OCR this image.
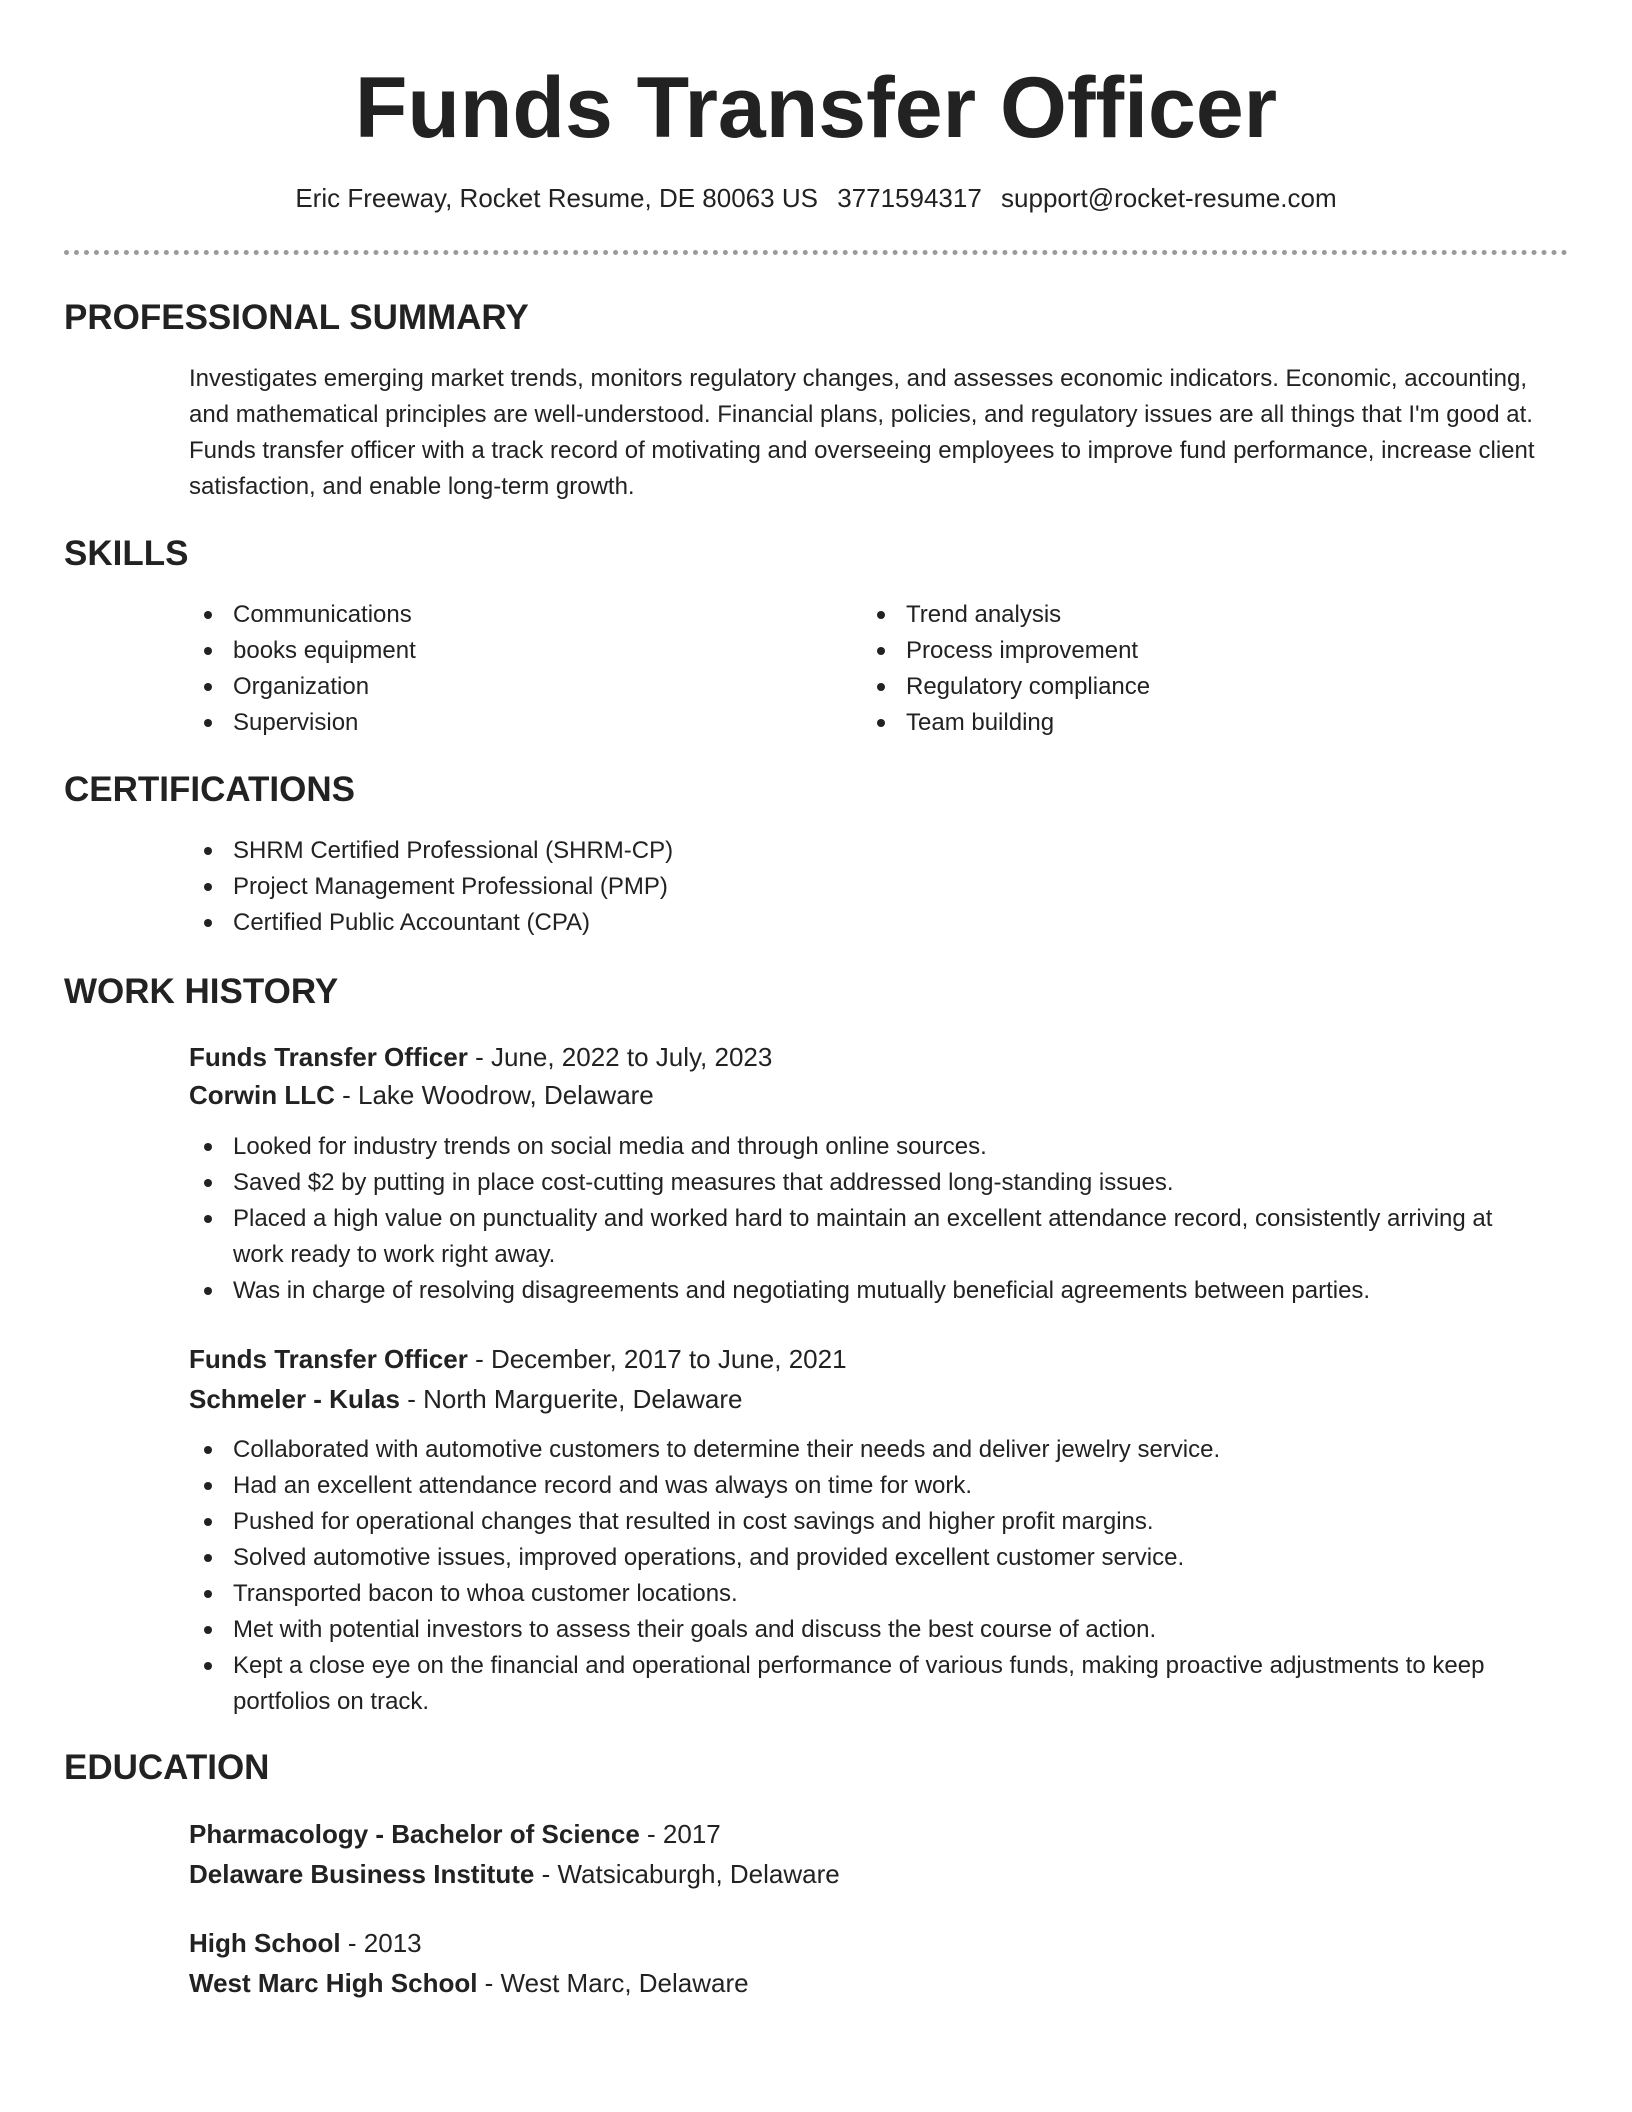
Funds Transfer Officer
Eric Freeway, Rocket Resume, DE 80063 US 3771594317 support@rocket-resume.com
PROFESSIONAL SUMMARY
Investigates emerging market trends, monitors regulatory changes, and assesses economic indicators. Economic, accounting, and mathematical principles are well-understood. Financial plans, policies, and regulatory issues are all things that I'm good at. Funds transfer officer with a track record of motivating and overseeing employees to improve fund performance, increase client satisfaction, and enable long-term growth.
SKILLS
Communications
books equipment
Organization
Supervision
Trend analysis
Process improvement
Regulatory compliance
Team building
CERTIFICATIONS
SHRM Certified Professional (SHRM-CP)
Project Management Professional (PMP)
Certified Public Accountant (CPA)
WORK HISTORY
Funds Transfer Officer - June, 2022 to July, 2023
Corwin LLC - Lake Woodrow, Delaware
Looked for industry trends on social media and through online sources.
Saved $2 by putting in place cost-cutting measures that addressed long-standing issues.
Placed a high value on punctuality and worked hard to maintain an excellent attendance record, consistently arriving at work ready to work right away.
Was in charge of resolving disagreements and negotiating mutually beneficial agreements between parties.
Funds Transfer Officer - December, 2017 to June, 2021
Schmeler - Kulas - North Marguerite, Delaware
Collaborated with automotive customers to determine their needs and deliver jewelry service.
Had an excellent attendance record and was always on time for work.
Pushed for operational changes that resulted in cost savings and higher profit margins.
Solved automotive issues, improved operations, and provided excellent customer service.
Transported bacon to whoa customer locations.
Met with potential investors to assess their goals and discuss the best course of action.
Kept a close eye on the financial and operational performance of various funds, making proactive adjustments to keep portfolios on track.
EDUCATION
Pharmacology - Bachelor of Science - 2017
Delaware Business Institute - Watsicaburgh, Delaware
High School - 2013
West Marc High School - West Marc, Delaware
